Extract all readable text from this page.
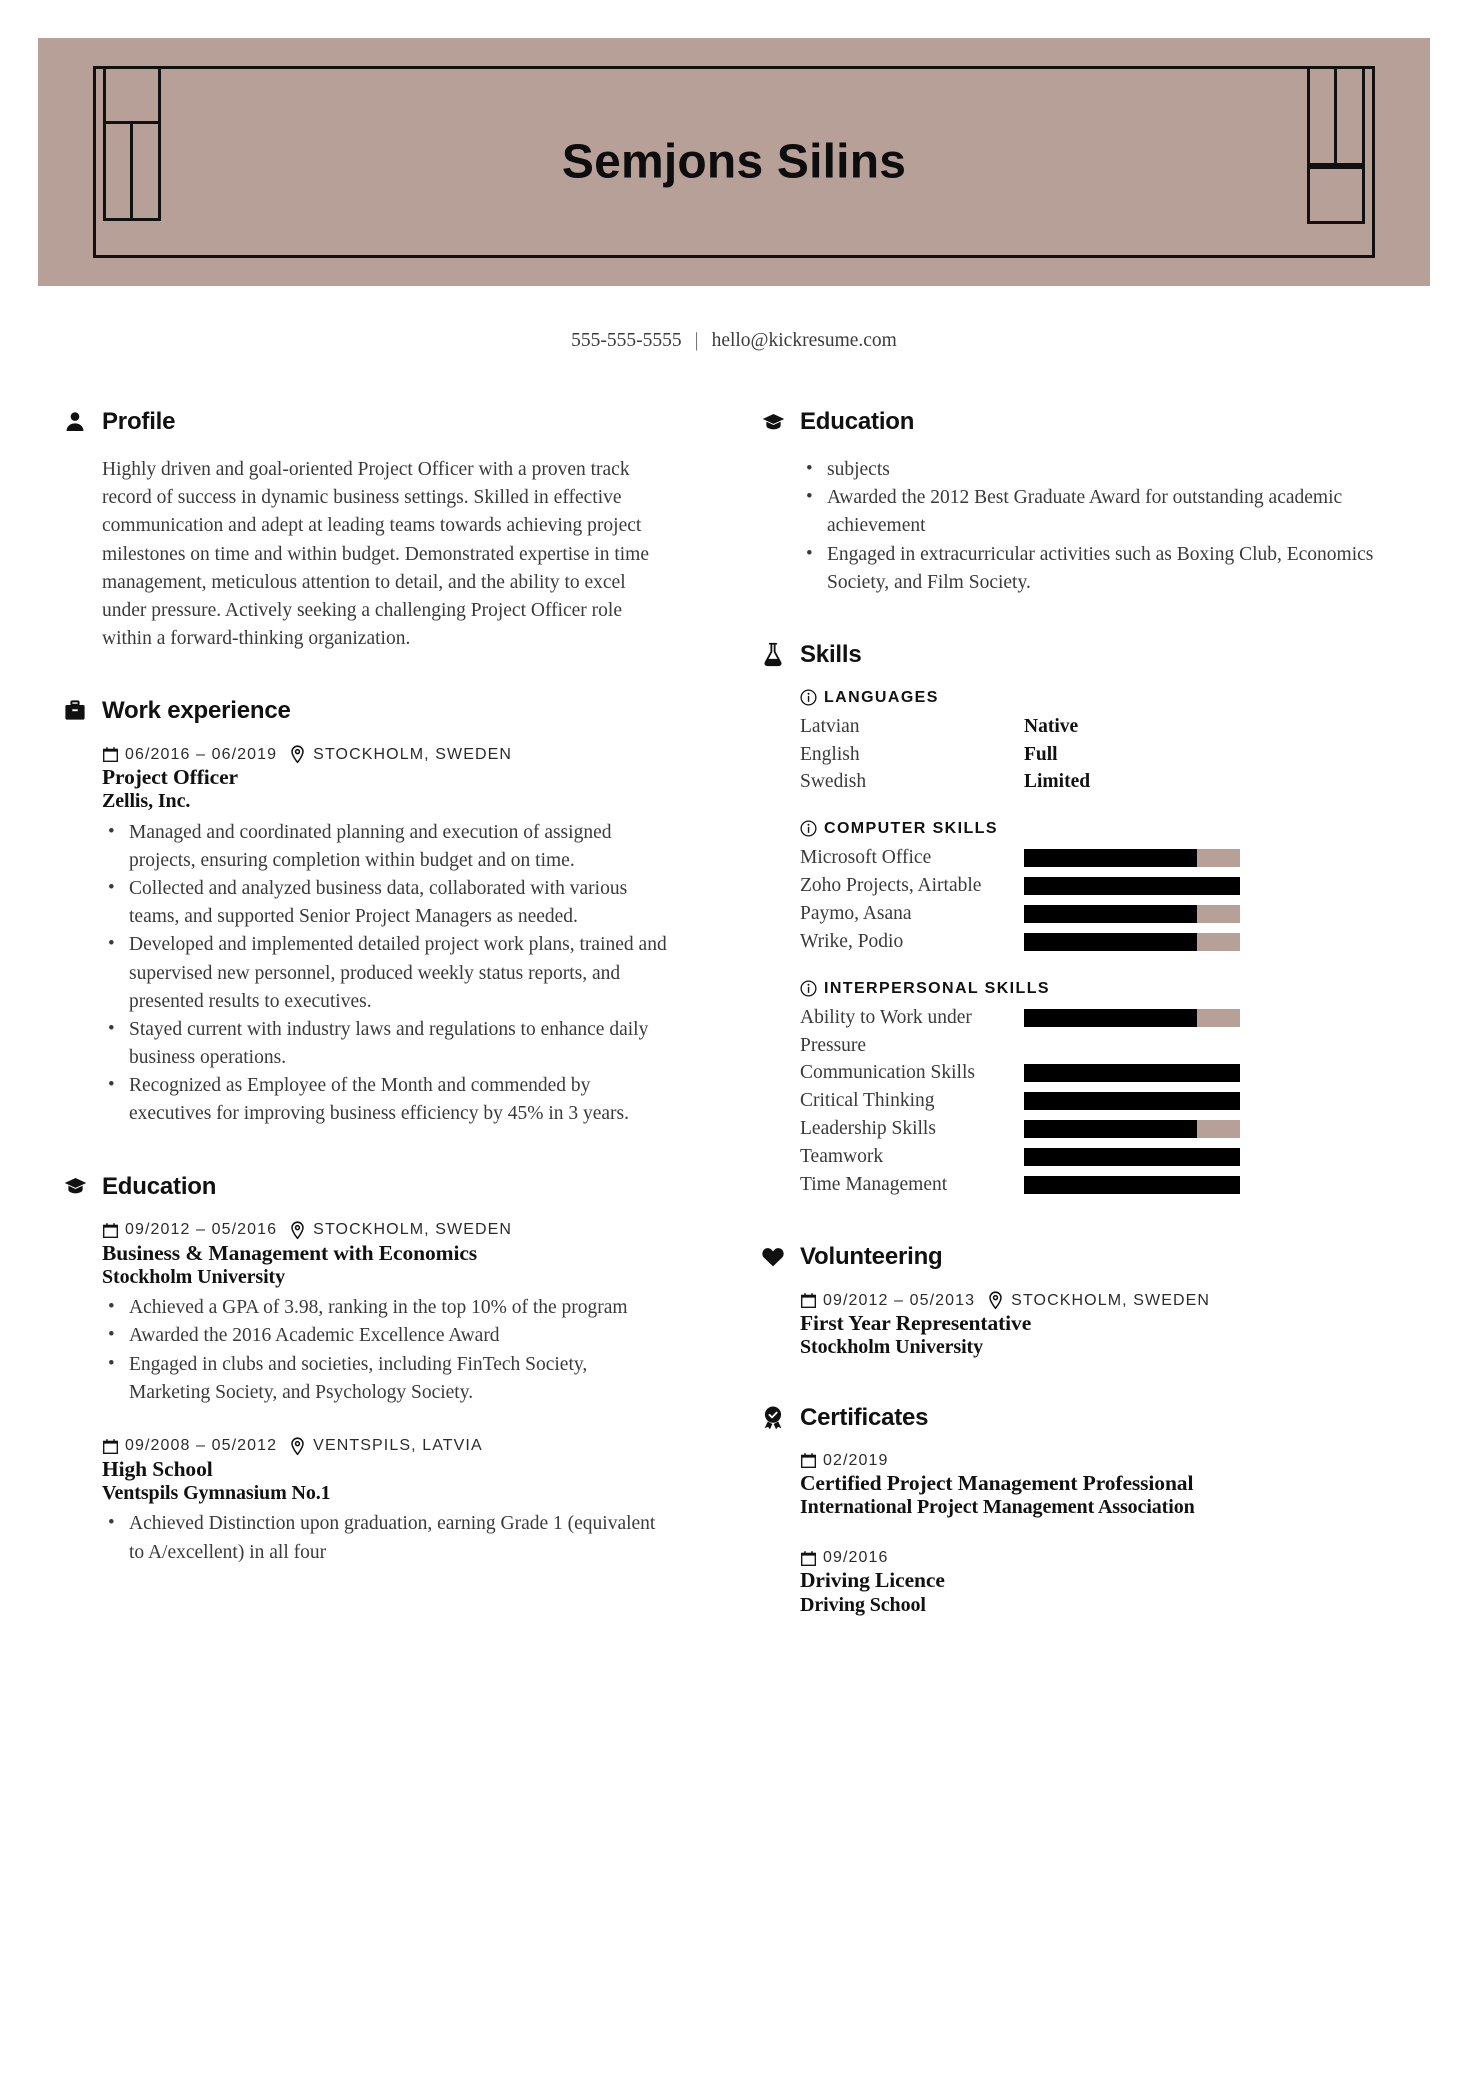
Semjons Silins
555-555-5555 | hello@kickresume.com
Profile

Highly driven and goal-oriented Project Officer with a proven track record of success in dynamic business settings. Skilled in effective communication and adept at leading teams towards achieving project milestones on time and within budget. Demonstrated expertise in time management, meticulous attention to detail, and the ability to excel under pressure. Actively seeking a challenging Project Officer role within a forward-thinking organization.

Work experience
06/2016 – 06/2019 STOCKHOLM, SWEDEN
Project Officer
Zellis, Inc.
• Managed and coordinated planning and execution of assigned projects, ensuring completion within budget and on time.
• Collected and analyzed business data, collaborated with various teams, and supported Senior Project Managers as needed.
• Developed and implemented detailed project work plans, trained and supervised new personnel, produced weekly status reports, and presented results to executives.
• Stayed current with industry laws and regulations to enhance daily business operations.
• Recognized as Employee of the Month and commended by executives for improving business efficiency by 45% in 3 years.
Education
09/2012 – 05/2016 STOCKHOLM, SWEDEN
Business & Management with Economics
Stockholm University
• Achieved a GPA of 3.98, ranking in the top 10% of the program
• Awarded the 2016 Academic Excellence Award
• Engaged in clubs and societies, including FinTech Society, Marketing Society, and Psychology Society.
09/2008 – 05/2012 VENTSPILS, LATVIA
High School
Ventspils Gymnasium No.1
• Achieved Distinction upon graduation, earning Grade 1 (equivalent to A/excellent) in all four
Education
• subjects
• Awarded the 2012 Best Graduate Award for outstanding academic achievement
• Engaged in extracurricular activities such as Boxing Club, Economics Society, and Film Society.
Skills
LANGUAGES
Latvian	Native
English	Full
Swedish	Limited
COMPUTER SKILLS
Microsoft Office
Zoho Projects, Airtable
Paymo, Asana
Wrike, Podio
INTERPERSONAL SKILLS
Ability to Work under Pressure
Communication Skills
Critical Thinking
Leadership Skills
Teamwork
Time Management
Volunteering
09/2012 – 05/2013 STOCKHOLM, SWEDEN
First Year Representative
Stockholm University
Certificates
02/2019
Certified Project Management Professional
International Project Management Association
09/2016
Driving Licence
Driving School
